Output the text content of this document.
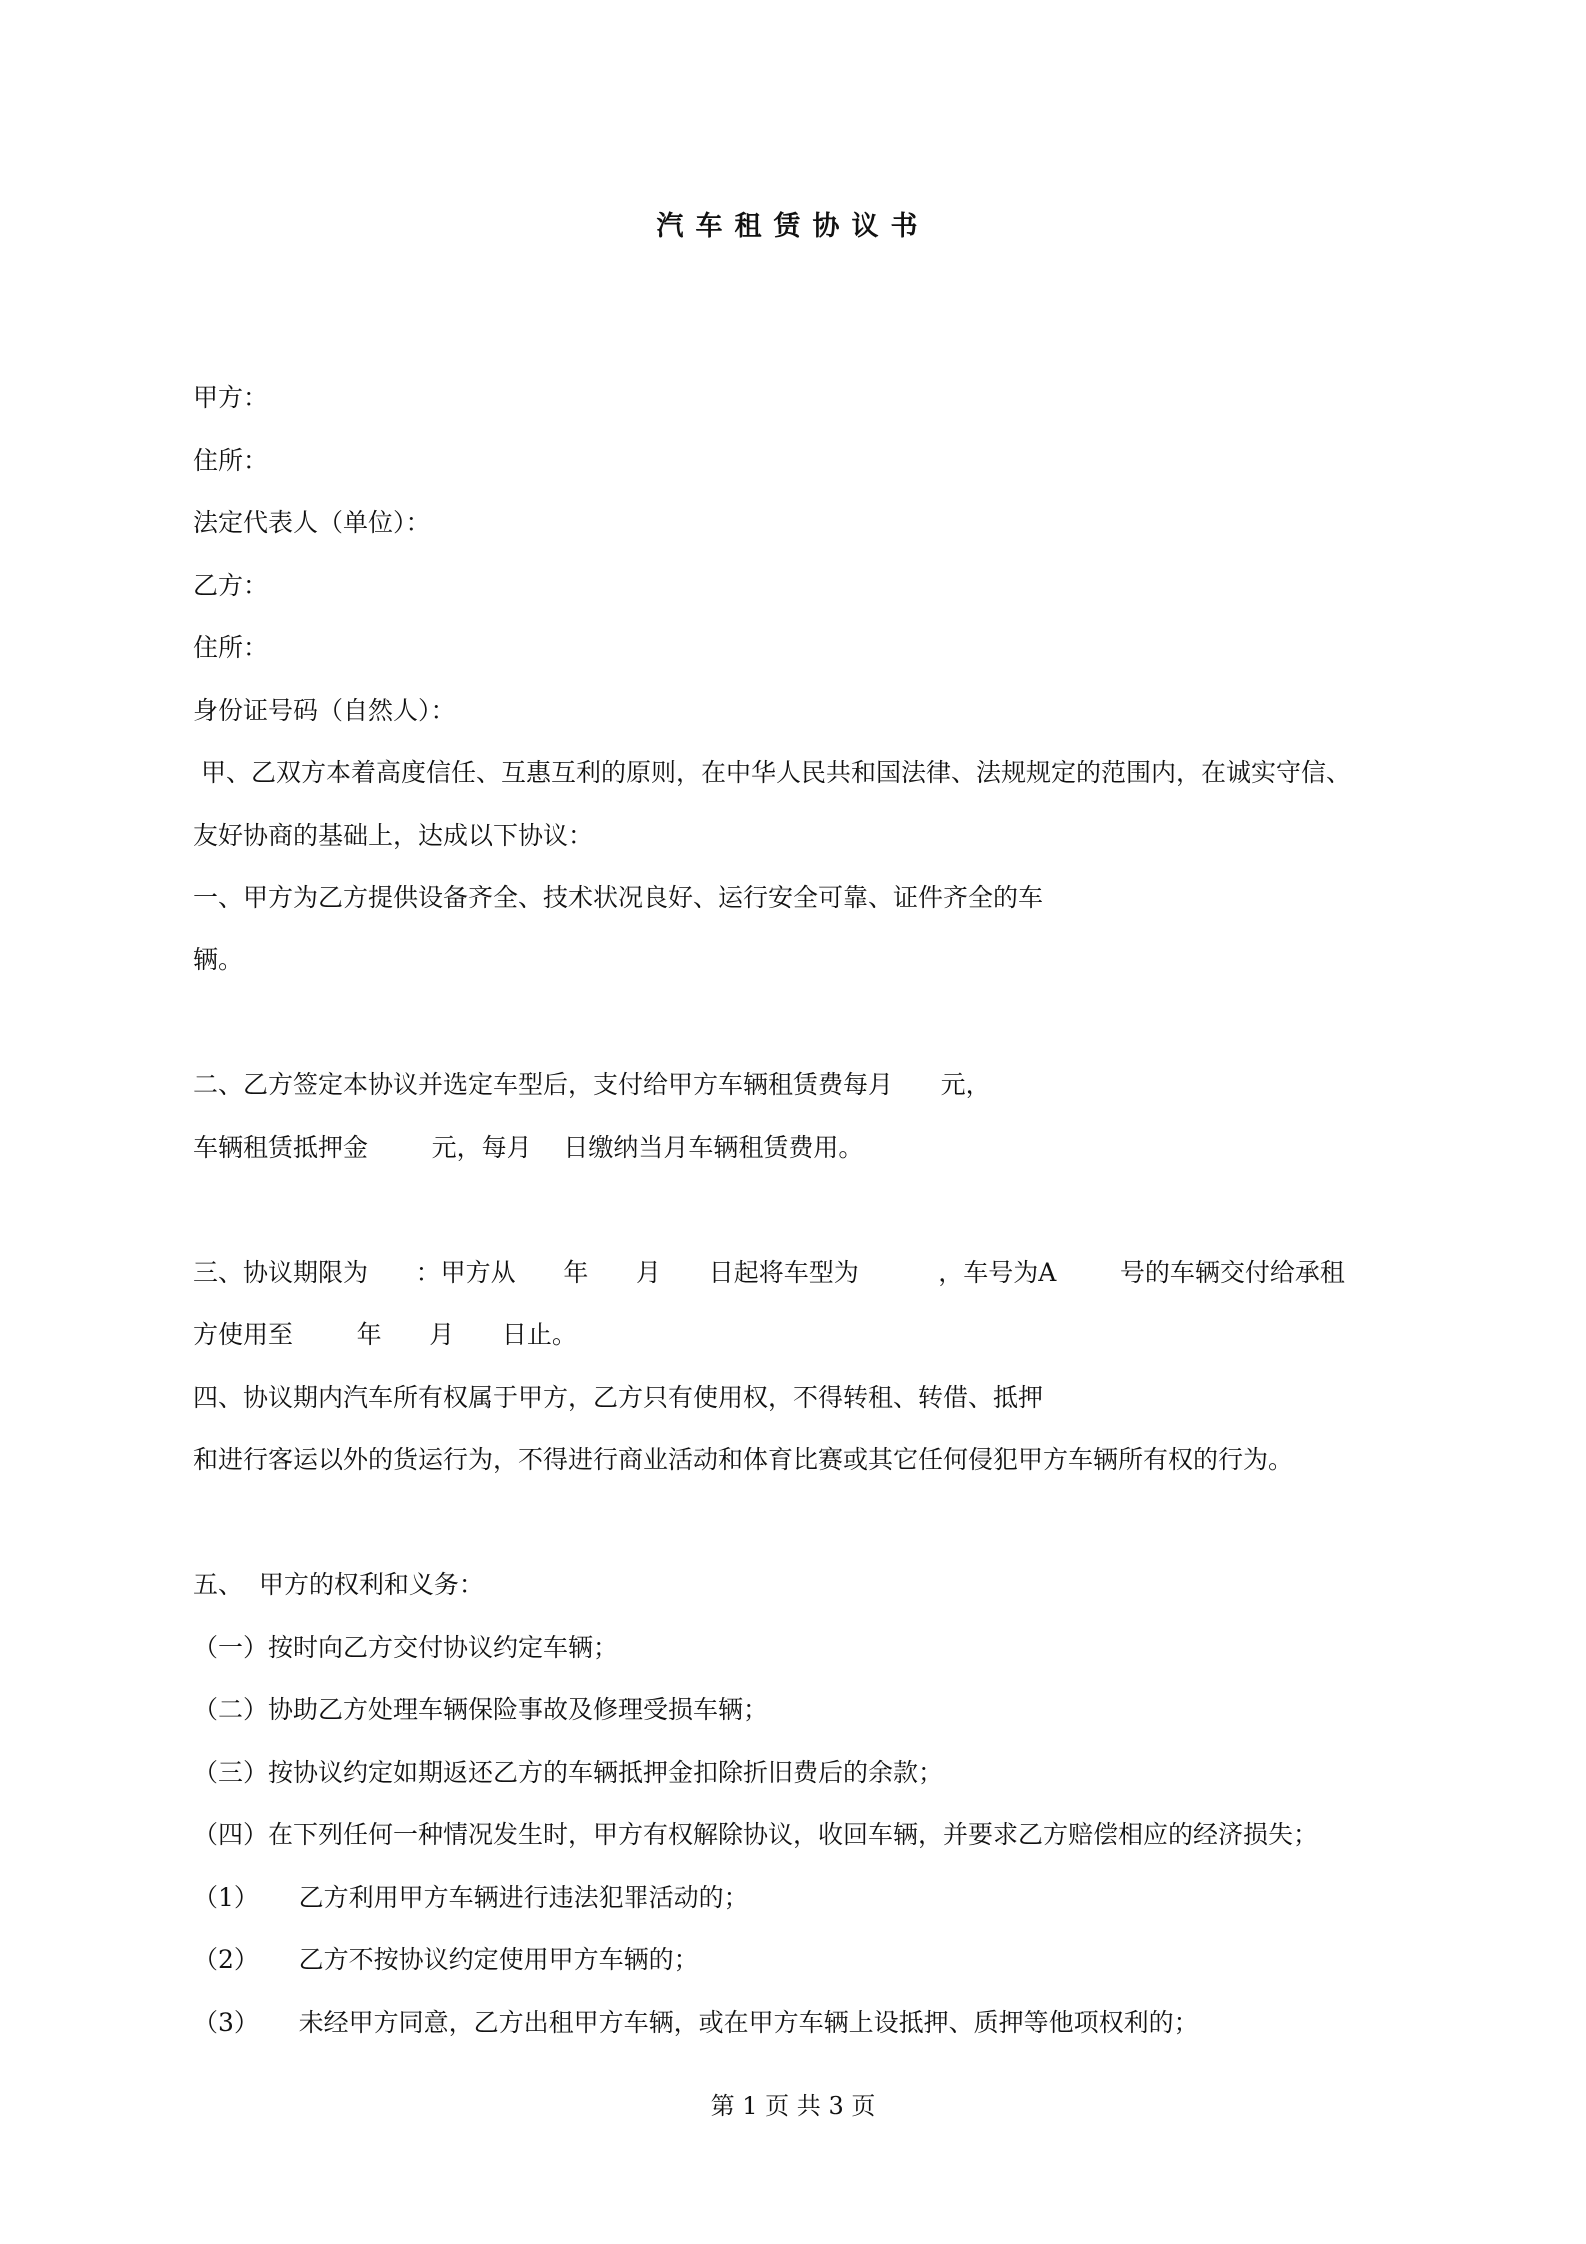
汽车租赁协议书

甲方：

住所：

法定代表人（单位）：

乙方：

住所：

身份证号码（自然人）：

甲、乙双方本着高度信任、互惠互利的原则，在中华人民共和国法律、法规规定的范围内，在诚实守信、

友好协商的基础上，达成以下协议：

一、甲方为乙方提供设备齐全、技术状况良好、运行安全可靠、证件齐全的车

辆。

二、乙方签定本协议并选定车型后，支付给甲方车辆租赁费每月      元，

车辆租赁抵押金        元，每月    日缴纳当月车辆租赁费用。

三、协议期限为      ：甲方从      年      月      日起将车型为          ，车号为A        号的车辆交付给承租

方使用至        年      月      日止。

四、协议期内汽车所有权属于甲方，乙方只有使用权，不得转租、转借、抵押

和进行客运以外的货运行为，不得进行商业活动和体育比赛或其它任何侵犯甲方车辆所有权的行为。

五、  甲方的权利和义务：

（一）按时向乙方交付协议约定车辆；

（二）协助乙方处理车辆保险事故及修理受损车辆；

（三）按协议约定如期返还乙方的车辆抵押金扣除折旧费后的余款；

（四）在下列任何一种情况发生时，甲方有权解除协议，收回车辆，并要求乙方赔偿相应的经济损失；

（1）     乙方利用甲方车辆进行违法犯罪活动的；

（2）     乙方不按协议约定使用甲方车辆的；

（3）     未经甲方同意，乙方出租甲方车辆，或在甲方车辆上设抵押、质押等他项权利的；

第 1 页 共 3 页
